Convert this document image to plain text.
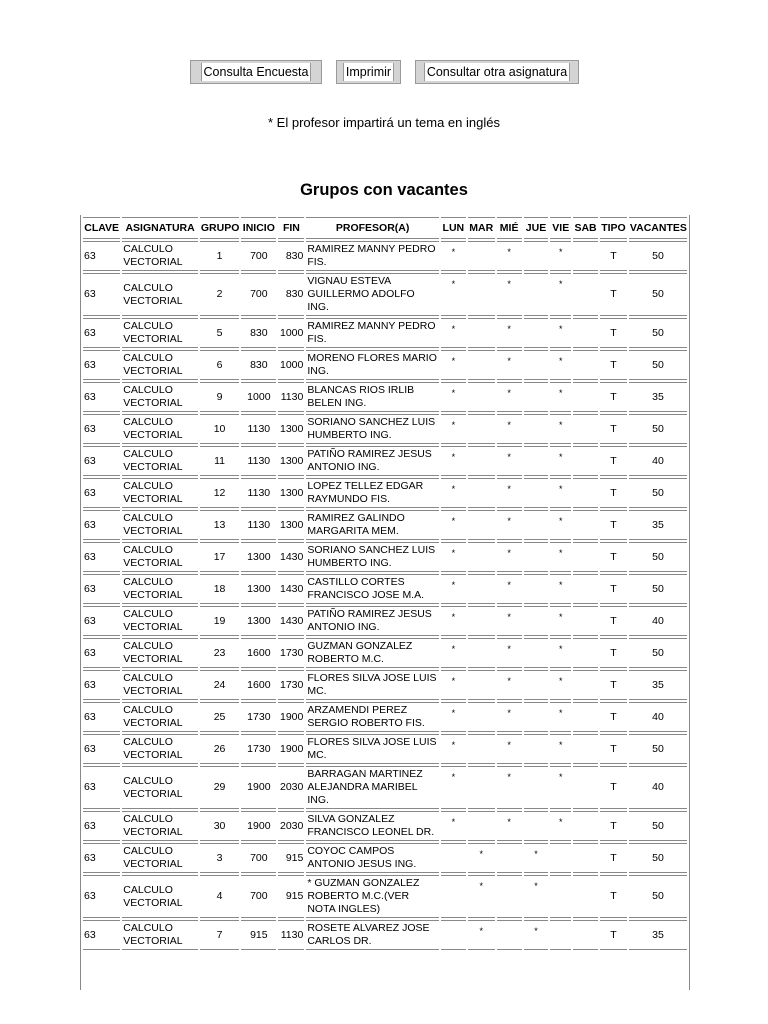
Consulta Encuesta	Imprimir	Consultar otra asignatura
* El profesor impartirá un tema en inglés
Grupos con vacantes
CLAVE	ASIGNATURA	GRUPO	INICIO	FIN	PROFESOR(A)	LUN	MAR	MIÉ	JUE	VIE	SAB	TIPO	VACANTES
63	CALCULO VECTORIAL	1	700	830	RAMIREZ MANNY PEDRO FIS.	*		*		*		T	50
63	CALCULO VECTORIAL	2	700	830	VIGNAU ESTEVA GUILLERMO ADOLFO ING.	*		*		*		T	50
63	CALCULO VECTORIAL	5	830	1000	RAMIREZ MANNY PEDRO FIS.	*		*		*		T	50
63	CALCULO VECTORIAL	6	830	1000	MORENO FLORES MARIO ING.	*		*		*		T	50
63	CALCULO VECTORIAL	9	1000	1130	BLANCAS RIOS IRLIB BELEN ING.	*		*		*		T	35
63	CALCULO VECTORIAL	10	1130	1300	SORIANO SANCHEZ LUIS HUMBERTO ING.	*		*		*		T	50
63	CALCULO VECTORIAL	11	1130	1300	PATIÑO RAMIREZ JESUS ANTONIO ING.	*		*		*		T	40
63	CALCULO VECTORIAL	12	1130	1300	LOPEZ TELLEZ EDGAR RAYMUNDO FIS.	*		*		*		T	50
63	CALCULO VECTORIAL	13	1130	1300	RAMIREZ GALINDO MARGARITA MEM.	*		*		*		T	35
63	CALCULO VECTORIAL	17	1300	1430	SORIANO SANCHEZ LUIS HUMBERTO ING.	*		*		*		T	50
63	CALCULO VECTORIAL	18	1300	1430	CASTILLO CORTES FRANCISCO JOSE M.A.	*		*		*		T	50
63	CALCULO VECTORIAL	19	1300	1430	PATIÑO RAMIREZ JESUS ANTONIO ING.	*		*		*		T	40
63	CALCULO VECTORIAL	23	1600	1730	GUZMAN GONZALEZ ROBERTO M.C.	*		*		*		T	50
63	CALCULO VECTORIAL	24	1600	1730	FLORES SILVA JOSE LUIS MC.	*		*		*		T	35
63	CALCULO VECTORIAL	25	1730	1900	ARZAMENDI PEREZ SERGIO ROBERTO FIS.	*		*		*		T	40
63	CALCULO VECTORIAL	26	1730	1900	FLORES SILVA JOSE LUIS MC.	*		*		*		T	50
63	CALCULO VECTORIAL	29	1900	2030	BARRAGAN MARTINEZ ALEJANDRA MARIBEL ING.	*		*		*		T	40
63	CALCULO VECTORIAL	30	1900	2030	SILVA GONZALEZ FRANCISCO LEONEL DR.	*		*		*		T	50
63	CALCULO VECTORIAL	3	700	915	COYOC CAMPOS ANTONIO JESUS ING.		*		*			T	50
63	CALCULO VECTORIAL	4	700	915	* GUZMAN GONZALEZ ROBERTO M.C.(VER NOTA INGLES)		*		*			T	50
63	CALCULO VECTORIAL	7	915	1130	ROSETE ALVAREZ JOSE CARLOS DR.		*		*			T	35
